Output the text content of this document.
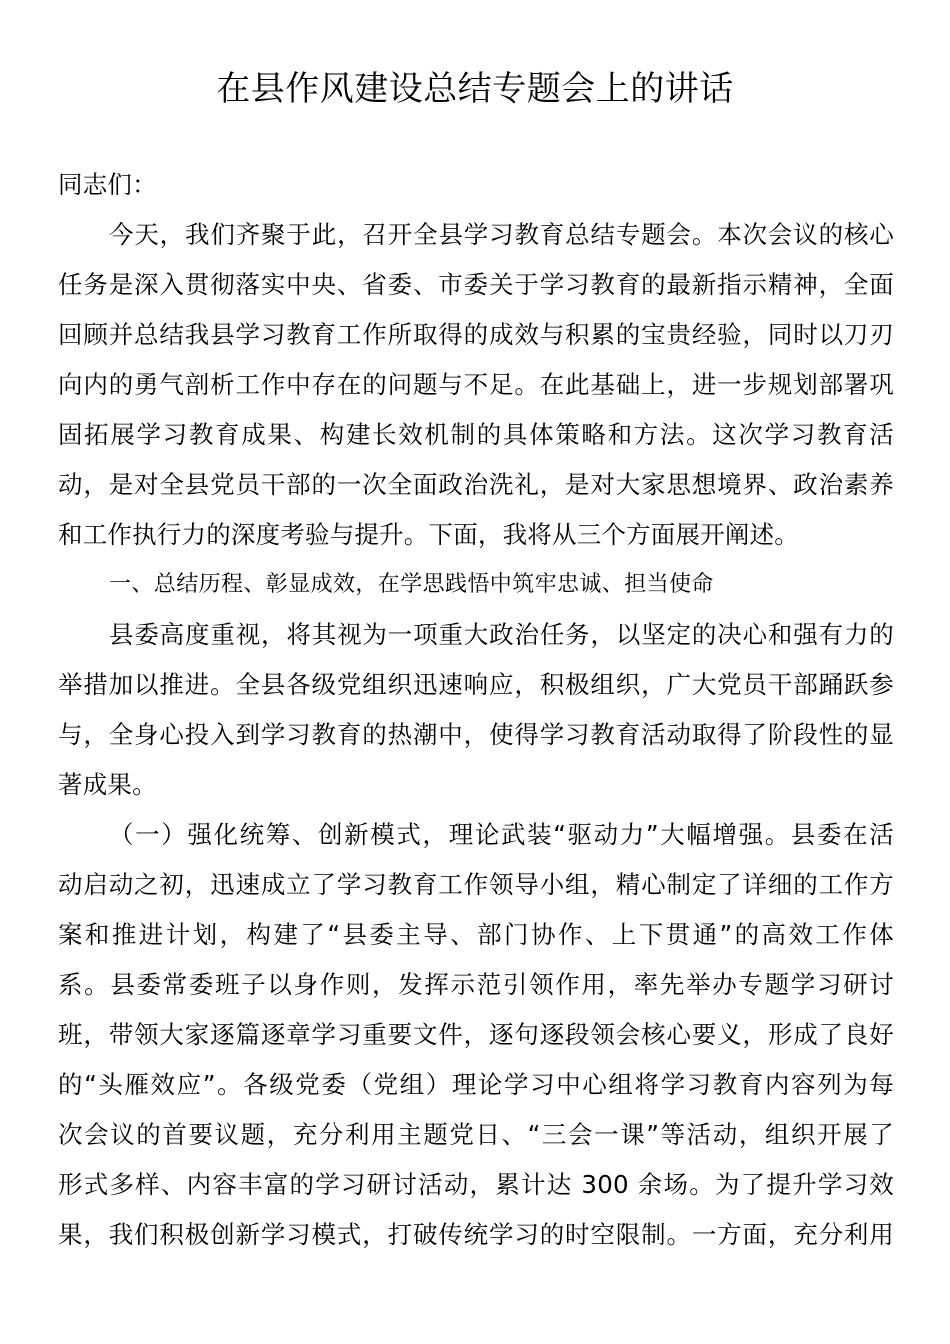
在县作风建设总结专题会上的讲话
同志们：
今天，我们齐聚于此，召开全县学习教育总结专题会。本次会议的核心
任务是深入贯彻落实中央、省委、市委关于学习教育的最新指示精神，全面
回顾并总结我县学习教育工作所取得的成效与积累的宝贵经验，同时以刀刃
向内的勇气剖析工作中存在的问题与不足。在此基础上，进一步规划部署巩
固拓展学习教育成果、构建长效机制的具体策略和方法。这次学习教育活
动，是对全县党员干部的一次全面政治洗礼，是对大家思想境界、政治素养
和工作执行力的深度考验与提升。下面，我将从三个方面展开阐述。
一、总结历程、彰显成效，在学思践悟中筑牢忠诚、担当使命
县委高度重视，将其视为一项重大政治任务，以坚定的决心和强有力的
举措加以推进。全县各级党组织迅速响应，积极组织，广大党员干部踊跃参
与，全身心投入到学习教育的热潮中，使得学习教育活动取得了阶段性的显
著成果。
（一）强化统筹、创新模式，理论武装“驱动力”大幅增强。县委在活
动启动之初，迅速成立了学习教育工作领导小组，精心制定了详细的工作方
案和推进计划，构建了“县委主导、部门协作、上下贯通”的高效工作体
系。县委常委班子以身作则，发挥示范引领作用，率先举办专题学习研讨
班，带领大家逐篇逐章学习重要文件，逐句逐段领会核心要义，形成了良好
的“头雁效应”。各级党委（党组）理论学习中心组将学习教育内容列为每
次会议的首要议题，充分利用主题党日、“三会一课”等活动，组织开展了
形式多样、内容丰富的学习研讨活动，累计达 300 余场。为了提升学习效
果，我们积极创新学习模式，打破传统学习的时空限制。一方面，充分利用
